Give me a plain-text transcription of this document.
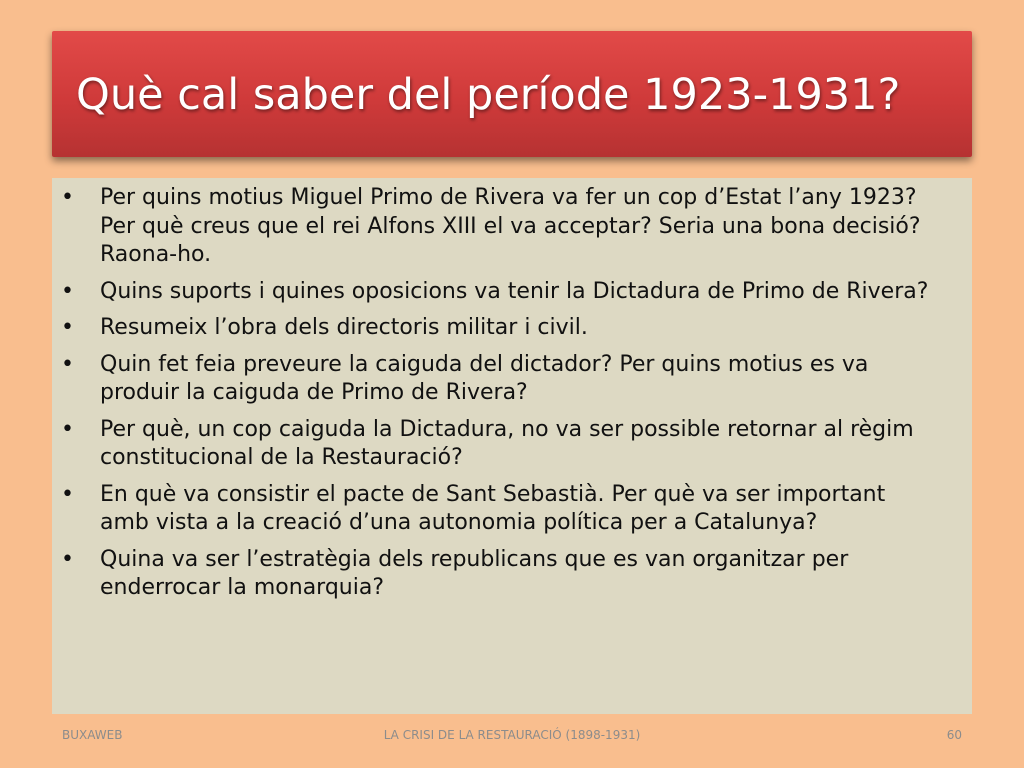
Què cal saber del període 1923-1931?
• Per quins motius Miguel Primo de Rivera va fer un cop d’Estat l’any 1923? Per què creus que el rei Alfons XIII el va acceptar? Seria una bona decisió? Raona-ho.
• Quins suports i quines oposicions va tenir la Dictadura de Primo de Rivera?
• Resumeix l’obra dels directoris militar i civil.
• Quin fet feia preveure la caiguda del dictador? Per quins motius es va produir la caiguda de Primo de Rivera?
• Per què, un cop caiguda la Dictadura, no va ser possible retornar al règim constitucional de la Restauració?
• En què va consistir el pacte de Sant Sebastià. Per què va ser important amb vista a la creació d’una autonomia política per a Catalunya?
• Quina va ser l’estratègia dels republicans que es van organitzar per enderrocar la monarquia?
BUXAWEB	LA CRISI DE LA RESTAURACIÓ (1898-1931)	60
